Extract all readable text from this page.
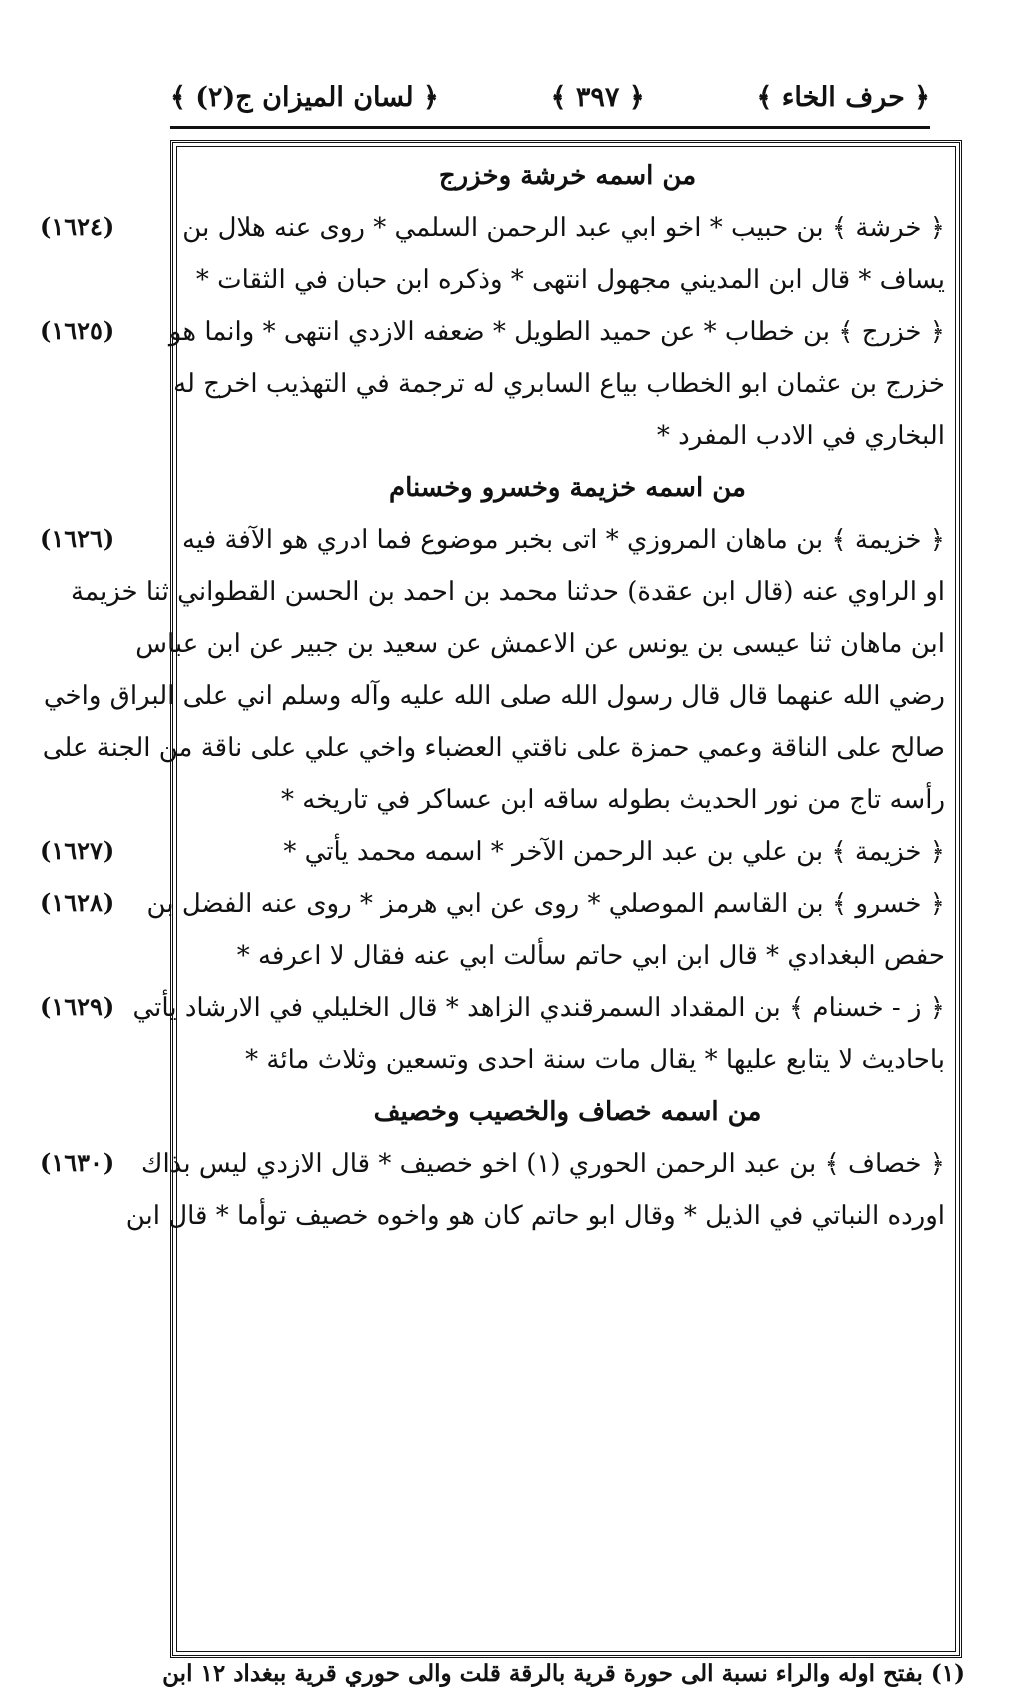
﴿ حرف الخاء ﴾
﴿ ٣٩٧ ﴾
﴿ لسان الميزان ج(٢) ﴾
من اسمه خرشة وخزرج
﴿ خرشة ﴾ بن حبيب * اخو ابي عبد الرحمن السلمي * روى عنه هلال بن
يساف * قال ابن المديني مجهول انتهى * وذكره ابن حبان في الثقات *
﴿ خزرج ﴾ بن خطاب * عن حميد الطويل * ضعفه الازدي انتهى * وانما هو
خزرج بن عثمان ابو الخطاب بياع السابري له ترجمة في التهذيب اخرج له
البخاري في الادب المفرد *
من اسمه خزيمة وخسرو وخسنام
﴿ خزيمة ﴾ بن ماهان المروزي * اتى بخبر موضوع فما ادري هو الآفة فيه
او الراوي عنه (قال ابن عقدة) حدثنا محمد بن احمد بن الحسن القطواني ثنا خزيمة
ابن ماهان ثنا عيسى بن يونس عن الاعمش عن سعيد بن جبير عن ابن عباس
رضي الله عنهما قال قال رسول الله صلى الله عليه وآله وسلم اني على البراق واخي
صالح على الناقة وعمي حمزة على ناقتي العضباء واخي علي على ناقة من الجنة على
رأسه تاج من نور الحديث بطوله ساقه ابن عساكر في تاريخه *
﴿ خزيمة ﴾ بن علي بن عبد الرحمن الآخر * اسمه محمد يأتي *
﴿ خسرو ﴾ بن القاسم الموصلي * روى عن ابي هرمز * روى عنه الفضل بن
حفص البغدادي * قال ابن ابي حاتم سألت ابي عنه فقال لا اعرفه *
﴿ ز - خسنام ﴾ بن المقداد السمرقندي الزاهد * قال الخليلي في الارشاد يأتي
باحاديث لا يتابع عليها * يقال مات سنة احدى وتسعين وثلاث مائة *
من اسمه خصاف والخصيب وخصيف
﴿ خصاف ﴾ بن عبد الرحمن الحوري (١) اخو خصيف * قال الازدي ليس بذاك
اورده النباتي في الذيل * وقال ابو حاتم كان هو واخوه خصيف توأما * قال ابن
(١٦٢٤)
(١٦٢٥)
(١٦٢٦)
(١٦٢٧)
(١٦٢٨)
(١٦٢٩)
(١٦٣٠)
(١) بفتح اوله والراء نسبة الى حورة قرية بالرقة قلت والى حوري قرية ببغداد ١٢ ابن
